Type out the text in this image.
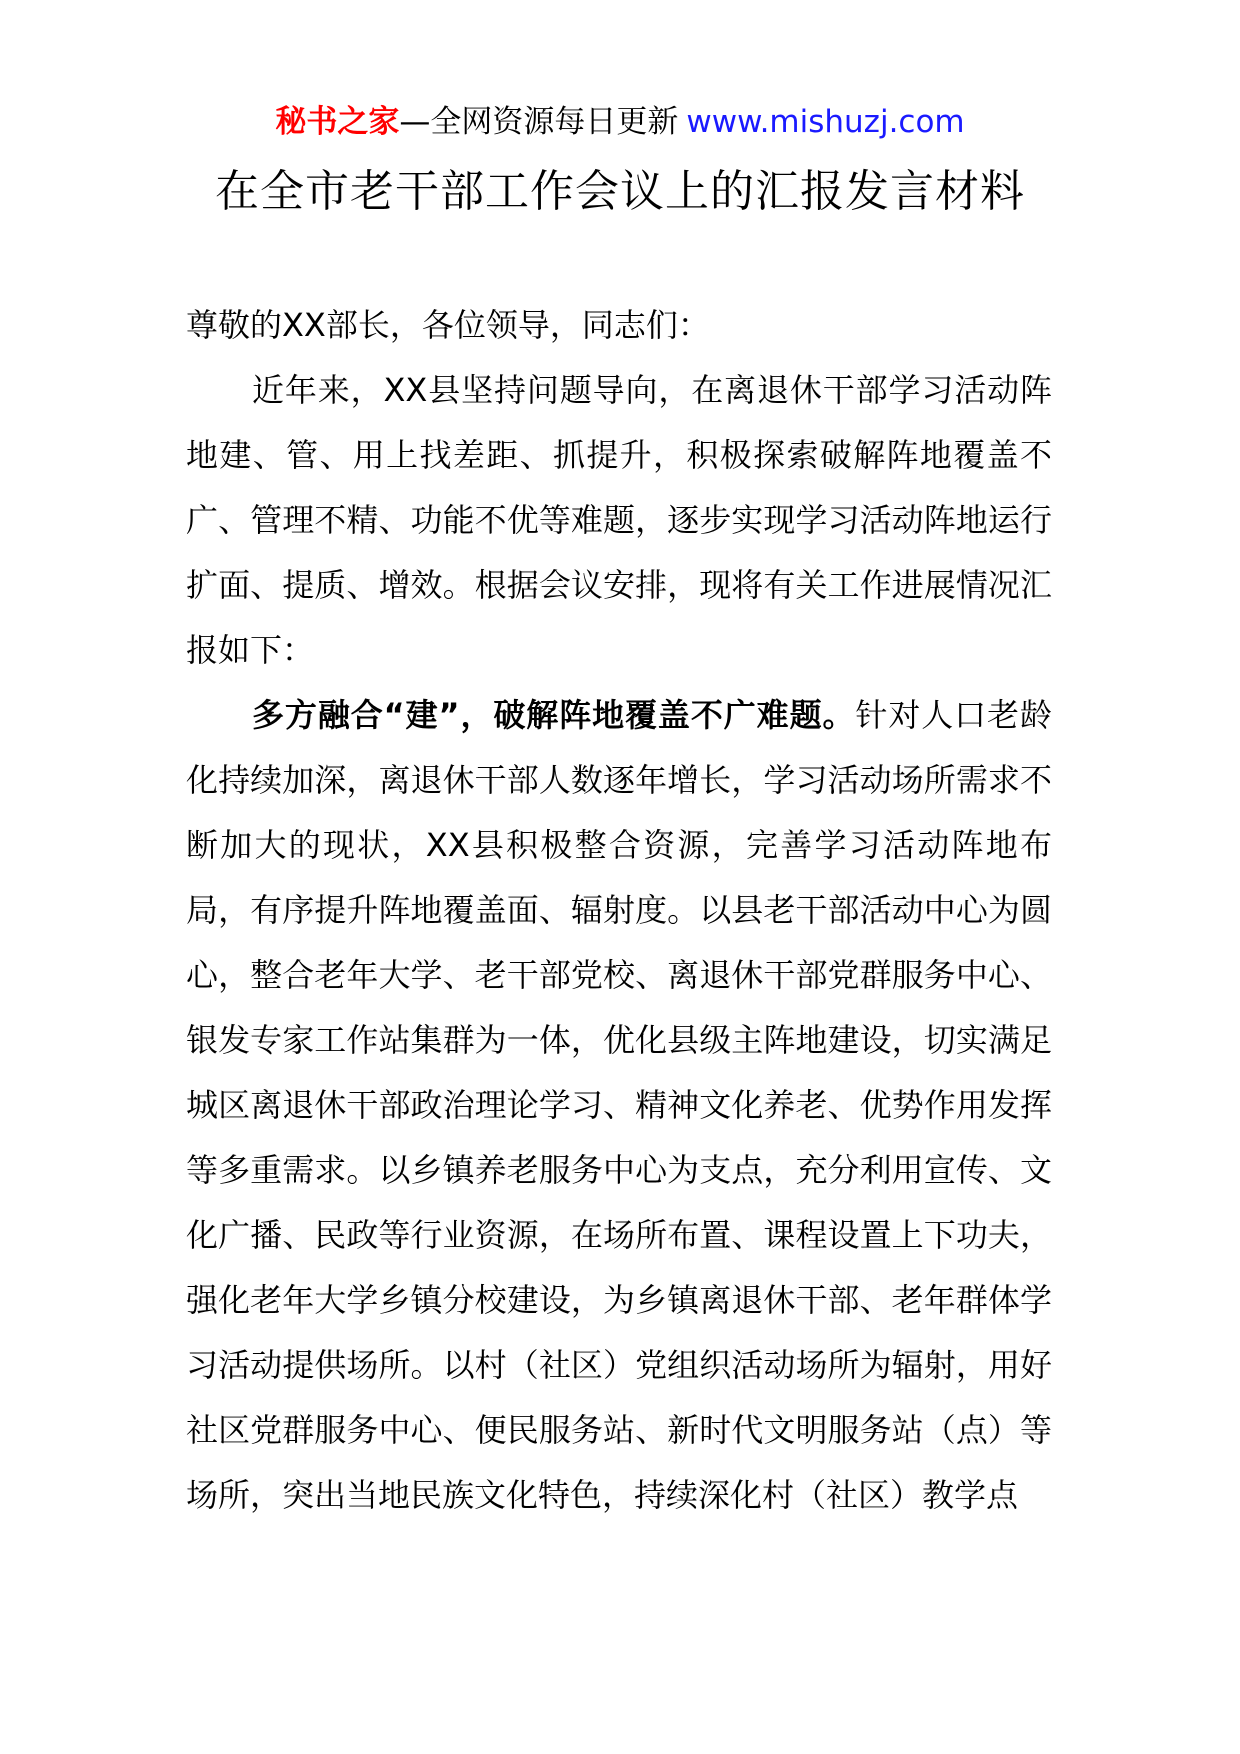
秘书之家—全网资源每日更新 www.mishuzj.com
在全市老干部工作会议上的汇报发言材料

尊敬的XX部长，各位领导，同志们：

近年来，XX县坚持问题导向，在离退休干部学习活动阵地建、管、用上找差距、抓提升，积极探索破解阵地覆盖不广、管理不精、功能不优等难题，逐步实现学习活动阵地运行扩面、提质、增效。根据会议安排，现将有关工作进展情况汇报如下：

多方融合“建”，破解阵地覆盖不广难题。针对人口老龄化持续加深，离退休干部人数逐年增长，学习活动场所需求不断加大的现状，XX县积极整合资源，完善学习活动阵地布局，有序提升阵地覆盖面、辐射度。以县老干部活动中心为圆心，整合老年大学、老干部党校、离退休干部党群服务中心、银发专家工作站集群为一体，优化县级主阵地建设，切实满足城区离退休干部政治理论学习、精神文化养老、优势作用发挥等多重需求。以乡镇养老服务中心为支点，充分利用宣传、文化广播、民政等行业资源，在场所布置、课程设置上下功夫，强化老年大学乡镇分校建设，为乡镇离退休干部、老年群体学习活动提供场所。以村（社区）党组织活动场所为辐射，用好社区党群服务中心、便民服务站、新时代文明服务站（点）等场所，突出当地民族文化特色，持续深化村（社区）教学点
